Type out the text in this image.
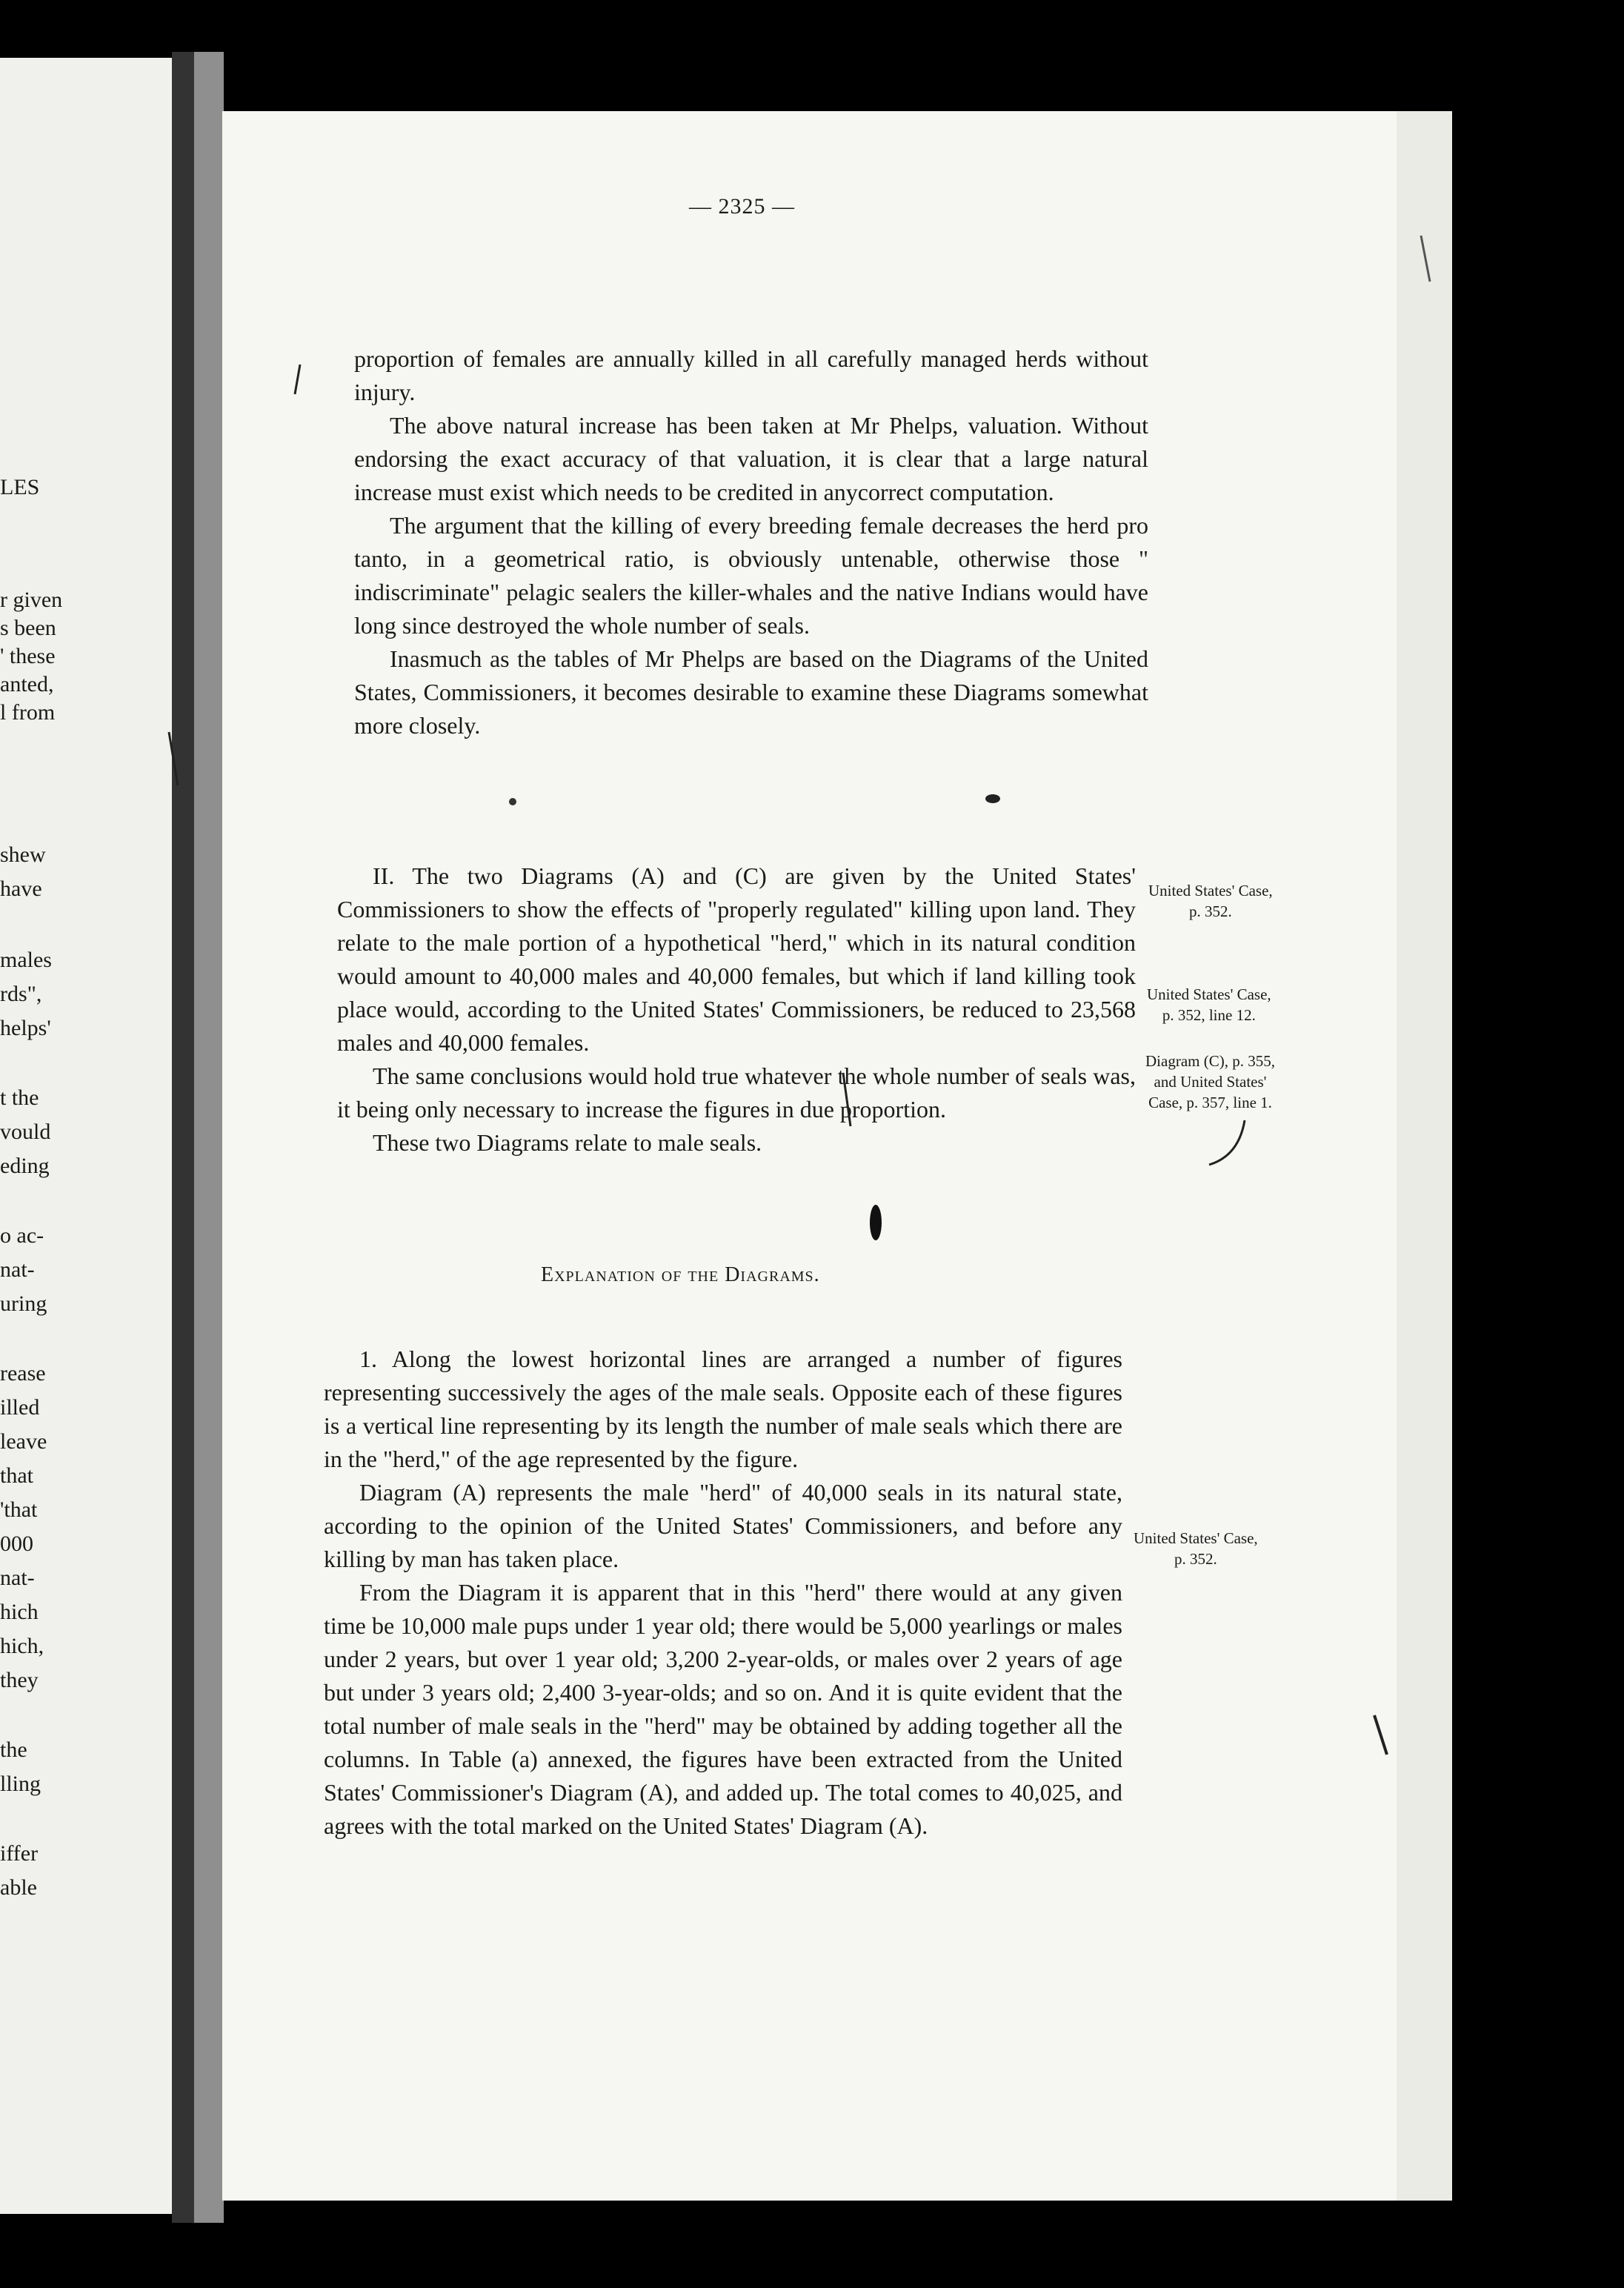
LES
r given
s been
' these
anted,
l from
shew
have
males
rds",
helps'
t the
vould
eding
o ac-
nat-
uring
rease
illed
leave
that
'that
000
nat-
hich
hich,
they
the
lling
iffer
able
— 2325 —

proportion of females are annually killed in all carefully managed herds without injury.

The above natural increase has been taken at Mr Phelps, valuation. Without endorsing the exact accuracy of that valuation, it is clear that a large natural increase must exist which needs to be credited in anycorrect computation.

The argument that the killing of every breeding female decreases the herd pro tanto, in a geometrical ratio, is obviously untenable, otherwise those " indiscriminate" pelagic sealers the killer-whales and the native Indians would have long since destroyed the whole number of seals.

Inasmuch as the tables of Mr Phelps are based on the Diagrams of the United States, Commissioners, it becomes desirable to examine these Diagrams somewhat more closely.

II. The two Diagrams (A) and (C) are given by the United States' Commissioners to show the effects of "properly regulated" killing upon land. They relate to the male portion of a hypothetical "herd," which in its natural condition would amount to 40,000 males and 40,000 females, but which if land killing took place would, according to the United States' Commissioners, be reduced to 23,568 males and 40,000 females.

The same conclusions would hold true whatever the whole number of seals was, it being only necessary to increase the figures in due proportion.

These two Diagrams relate to male seals.

Explanation of the Diagrams.

1. Along the lowest horizontal lines are arranged a number of figures representing successively the ages of the male seals. Opposite each of these figures is a vertical line representing by its length the number of male seals which there are in the "herd," of the age represented by the figure.

Diagram (A) represents the male "herd" of 40,000 seals in its natural state, according to the opinion of the United States' Commissioners, and before any killing by man has taken place.

From the Diagram it is apparent that in this "herd" there would at any given time be 10,000 male pups under 1 year old; there would be 5,000 yearlings or males under 2 years, but over 1 year old; 3,200 2-year-olds, or males over 2 years of age but under 3 years old; 2,400 3-year-olds; and so on. And it is quite evident that the total number of male seals in the "herd" may be obtained by adding together all the columns. In Table (a) annexed, the figures have been extracted from the United States' Commissioner's Diagram (A), and added up. The total comes to 40,025, and agrees with the total marked on the United States' Diagram (A).

United States' Case,
p. 352.
United States' Case,
p. 352, line 12.
Diagram (C), p. 355,
and United States'
Case, p. 357, line 1.
United States' Case,
p. 352.
